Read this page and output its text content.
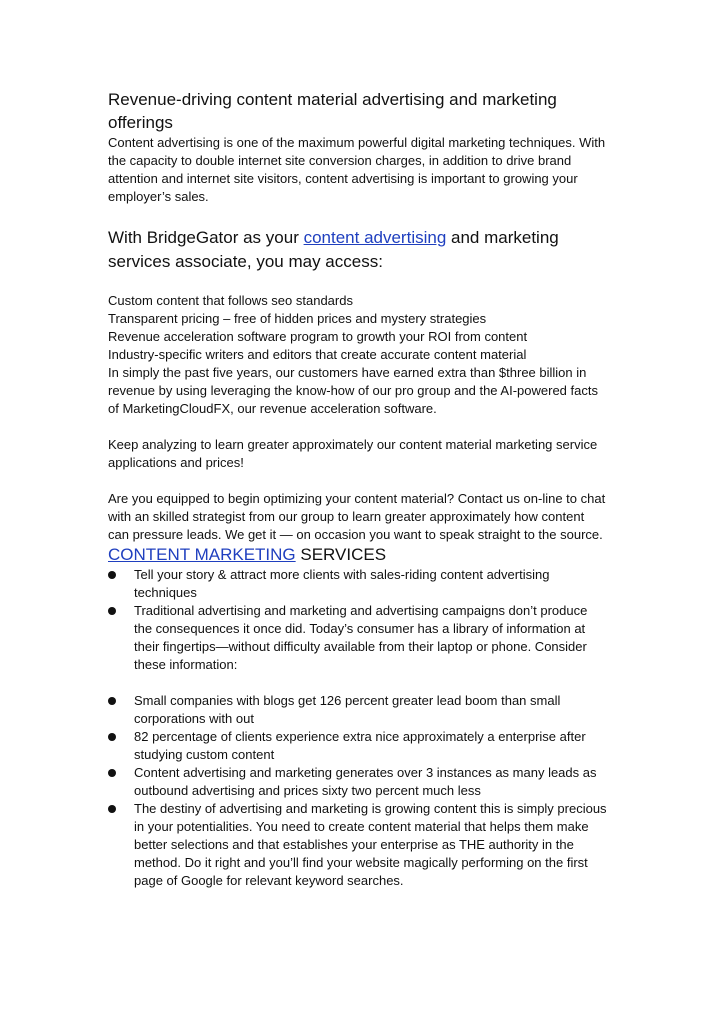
Revenue-driving content material advertising and marketing offerings

Content advertising is one of the maximum powerful digital marketing techniques. With the capacity to double internet site conversion charges, in addition to drive brand attention and internet site visitors, content advertising is important to growing your employer’s sales.

With BridgeGator as your content advertising and marketing services associate, you may access:

Custom content that follows seo standards

Transparent pricing – free of hidden prices and mystery strategies

Revenue acceleration software program to growth your ROI from content

Industry-specific writers and editors that create accurate content material

In simply the past five years, our customers have earned extra than $three billion in revenue by using leveraging the know-how of our pro group and the AI-powered facts of MarketingCloudFX, our revenue acceleration software.

Keep analyzing to learn greater approximately our content material marketing service applications and prices!

Are you equipped to begin optimizing your content material? Contact us on-line to chat with an skilled strategist from our group to learn greater approximately how content can pressure leads. We get it — on occasion you want to speak straight to the source.

CONTENT MARKETING SERVICES
Tell your story & attract more clients with sales-riding content advertising techniques
Traditional advertising and marketing and advertising campaigns don’t produce the consequences it once did. Today’s consumer has a library of information at their fingertips—without difficulty available from their laptop or phone. Consider these information:
Small companies with blogs get 126 percent greater lead boom than small corporations with out
82 percentage of clients experience extra nice approximately a enterprise after studying custom content
Content advertising and marketing generates over 3 instances as many leads as outbound advertising and prices sixty two percent much less
The destiny of advertising and marketing is growing content this is simply precious in your potentialities. You need to create content material that helps them make better selections and that establishes your enterprise as THE authority in the method. Do it right and you’ll find your website magically performing on the first page of Google for relevant keyword searches.
